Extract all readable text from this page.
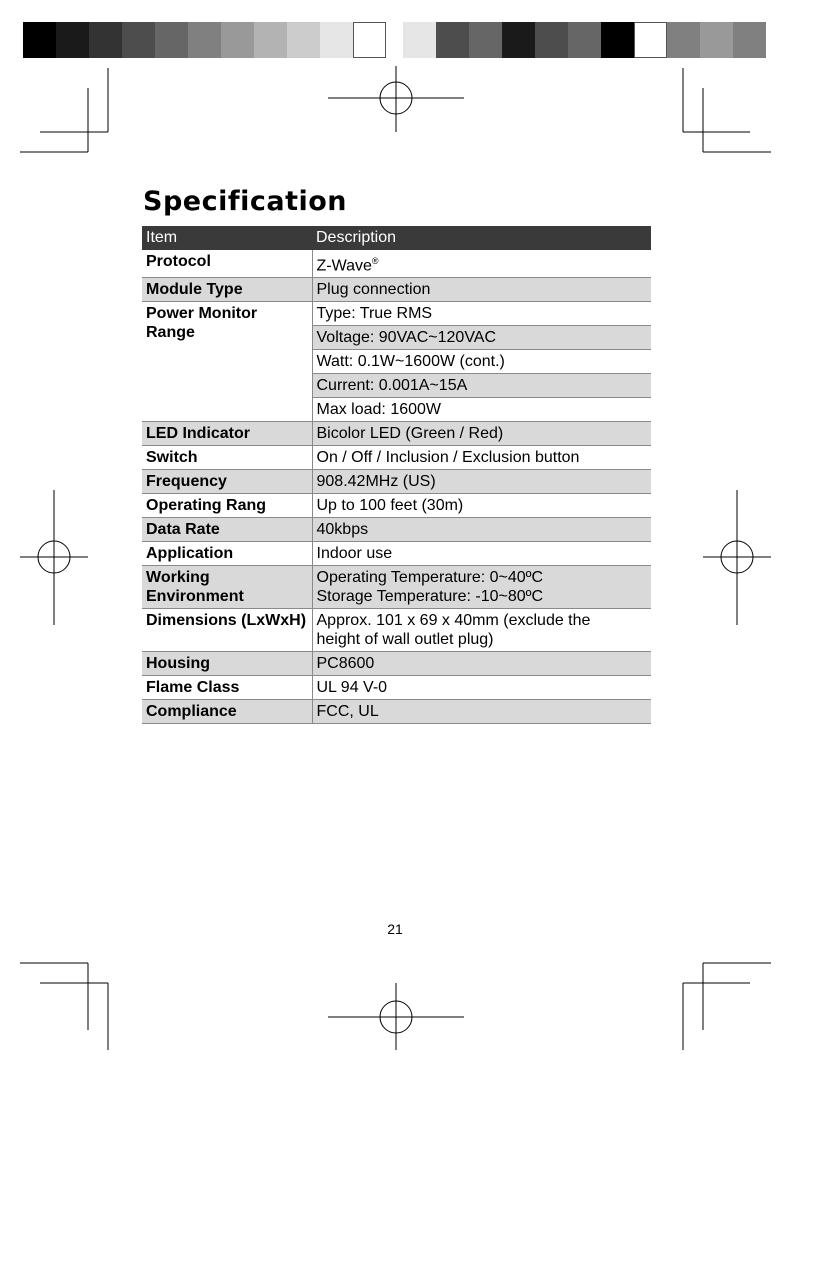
Specification
Item	Description
Protocol	Z-Wave®
Module Type	Plug connection
Power Monitor Range	Type: True RMS
	Voltage: 90VAC~120VAC
	Watt: 0.1W~1600W (cont.)
	Current: 0.001A~15A
	Max load: 1600W
LED Indicator	Bicolor LED (Green / Red)
Switch	On / Off / Inclusion / Exclusion button
Frequency	908.42MHz (US)
Operating Rang	Up to 100 feet (30m)
Data Rate	40kbps
Application	Indoor use
Working Environment	Operating Temperature: 0~40ºC
Storage Temperature: -10~80ºC

Dimensions (LxWxH)	Approx. 101 x 69 x 40mm (exclude the
height of wall outlet plug)

Housing	PC8600
Flame Class	UL 94 V-0
Compliance	FCC, UL
21
